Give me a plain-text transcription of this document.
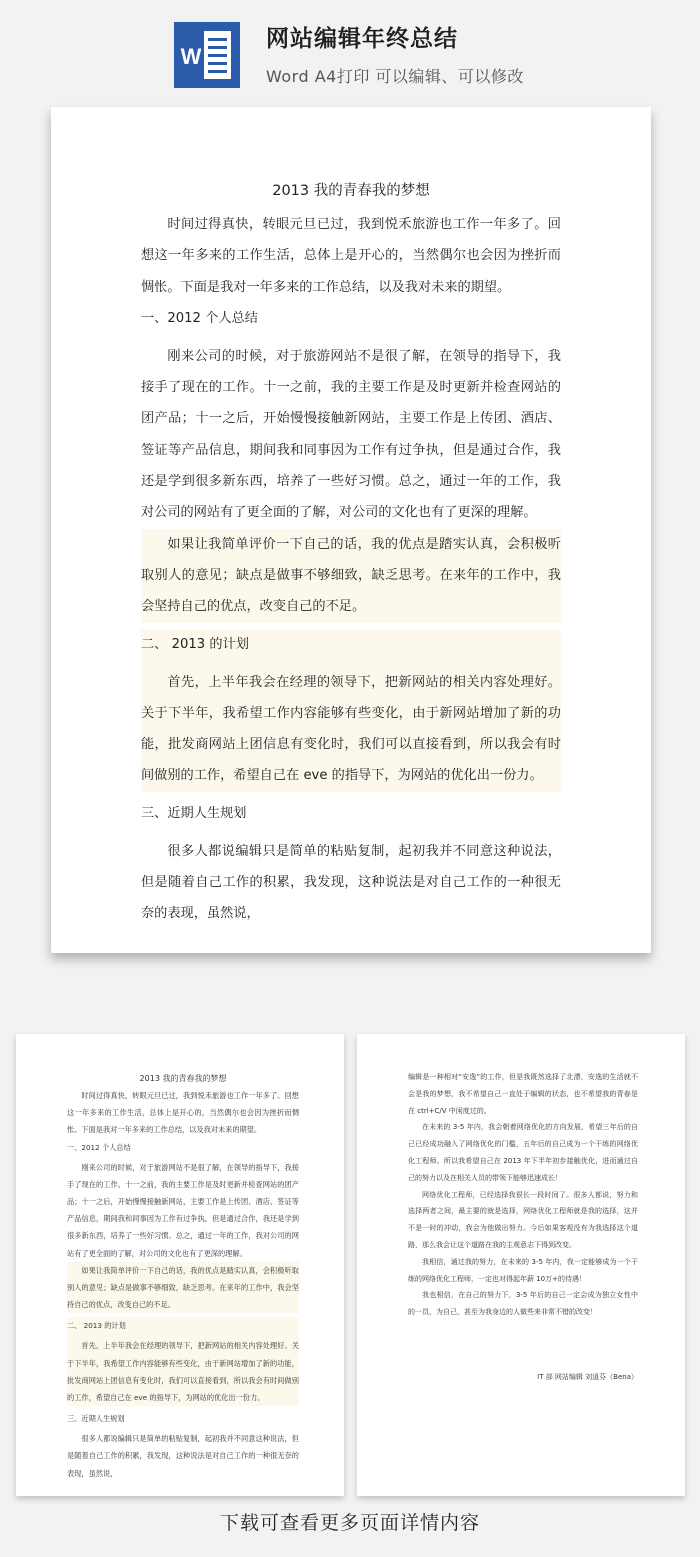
W
网站编辑年终总结
Word A4打印 可以编辑、可以修改
2013 我的青春我的梦想
时间过得真快，转眼元旦已过，我到悦禾旅游也工作一年多了。回想这一年多来的工作生活，总体上是开心的，当然偶尔也会因为挫折而惆怅。下面是我对一年多来的工作总结，以及我对未来的期望。
一、2012 个人总结
刚来公司的时候，对于旅游网站不是很了解，在领导的指导下，我接手了现在的工作。十一之前，我的主要工作是及时更新并检查网站的团产品；十一之后，开始慢慢接触新网站，主要工作是上传团、酒店、签证等产品信息，期间我和同事因为工作有过争执，但是通过合作，我还是学到很多新东西，培养了一些好习惯。总之，通过一年的工作，我对公司的网站有了更全面的了解，对公司的文化也有了更深的理解。
如果让我简单评价一下自己的话，我的优点是踏实认真，会积极听取别人的意见；缺点是做事不够细致，缺乏思考。在来年的工作中，我会坚持自己的优点，改变自己的不足。
二、 2013 的计划
首先，上半年我会在经理的领导下，把新网站的相关内容处理好。关于下半年，我希望工作内容能够有些变化，由于新网站增加了新的功能，批发商网站上团信息有变化时，我们可以直接看到，所以我会有时间做别的工作，希望自己在 eve 的指导下，为网站的优化出一份力。
三、近期人生规划
很多人都说编辑只是简单的粘贴复制，起初我并不同意这种说法，但是随着自己工作的积累，我发现，这种说法是对自己工作的一种很无奈的表现，虽然说，
2013 我的青春我的梦想
时间过得真快，转眼元旦已过，我到悦禾旅游也工作一年多了。回想这一年多来的工作生活，总体上是开心的，当然偶尔也会因为挫折而惆怅。下面是我对一年多来的工作总结，以及我对未来的期望。
一、2012 个人总结
刚来公司的时候，对于旅游网站不是很了解，在领导的指导下，我接手了现在的工作。十一之前，我的主要工作是及时更新并检查网站的团产品；十一之后，开始慢慢接触新网站，主要工作是上传团、酒店、签证等产品信息，期间我和同事因为工作有过争执，但是通过合作，我还是学到很多新东西，培养了一些好习惯。总之，通过一年的工作，我对公司的网站有了更全面的了解，对公司的文化也有了更深的理解。
如果让我简单评价一下自己的话，我的优点是踏实认真，会积极听取别人的意见；缺点是做事不够细致，缺乏思考。在来年的工作中，我会坚持自己的优点，改变自己的不足。
二、 2013 的计划
首先，上半年我会在经理的领导下，把新网站的相关内容处理好。关于下半年，我希望工作内容能够有些变化，由于新网站增加了新的功能，批发商网站上团信息有变化时，我们可以直接看到，所以我会有时间做别的工作，希望自己在 eve 的指导下，为网站的优化出一份力。
三、近期人生规划
很多人都说编辑只是简单的粘贴复制，起初我并不同意这种说法，但是随着自己工作的积累，我发现，这种说法是对自己工作的一种很无奈的表现，虽然说，
编辑是一种相对“安逸”的工作，但是我既然选择了北漂，安逸的生活就不会是我的梦想，我不希望自己一直处于编辑的状态，也不希望我的青春是在 ctrl+C/V 中闲度过的。
在未来的 3-5 年内，我会朝着网络优化的方向发展，希望三年后的自己已经成功融入了网络优化的门槛，五年后的自己成为一个干练的网络优化工程师。所以我希望自己在 2013 年下半年初步接触优化，进而通过自己的努力以及在相关人员的带领下能够迅速成长！
网络优化工程师，已经选择我很长一段时间了。很多人都说，努力和选择两者之间，最主要的就是选择，网络优化工程师就是我的选择，这并不是一时的冲动，我会为他做出努力。今后如果客观没有为我选择这个道路，那么我会让这个道路在我的主观意志下得到改变。
我相信，通过我的努力，在未来的 3-5 年内，我一定能够成为一个干练的网络优化工程师，一定也对得起年薪 10万+的待遇！
我也相信，在自己的努力下，3-5 年后的自己一定会成为独立女性中的一员，为自己，甚至为我身边的人做些来非常不错的改变！
IT 部 网站编辑 刘逍芬（Bena）
下载可查看更多页面详情内容
